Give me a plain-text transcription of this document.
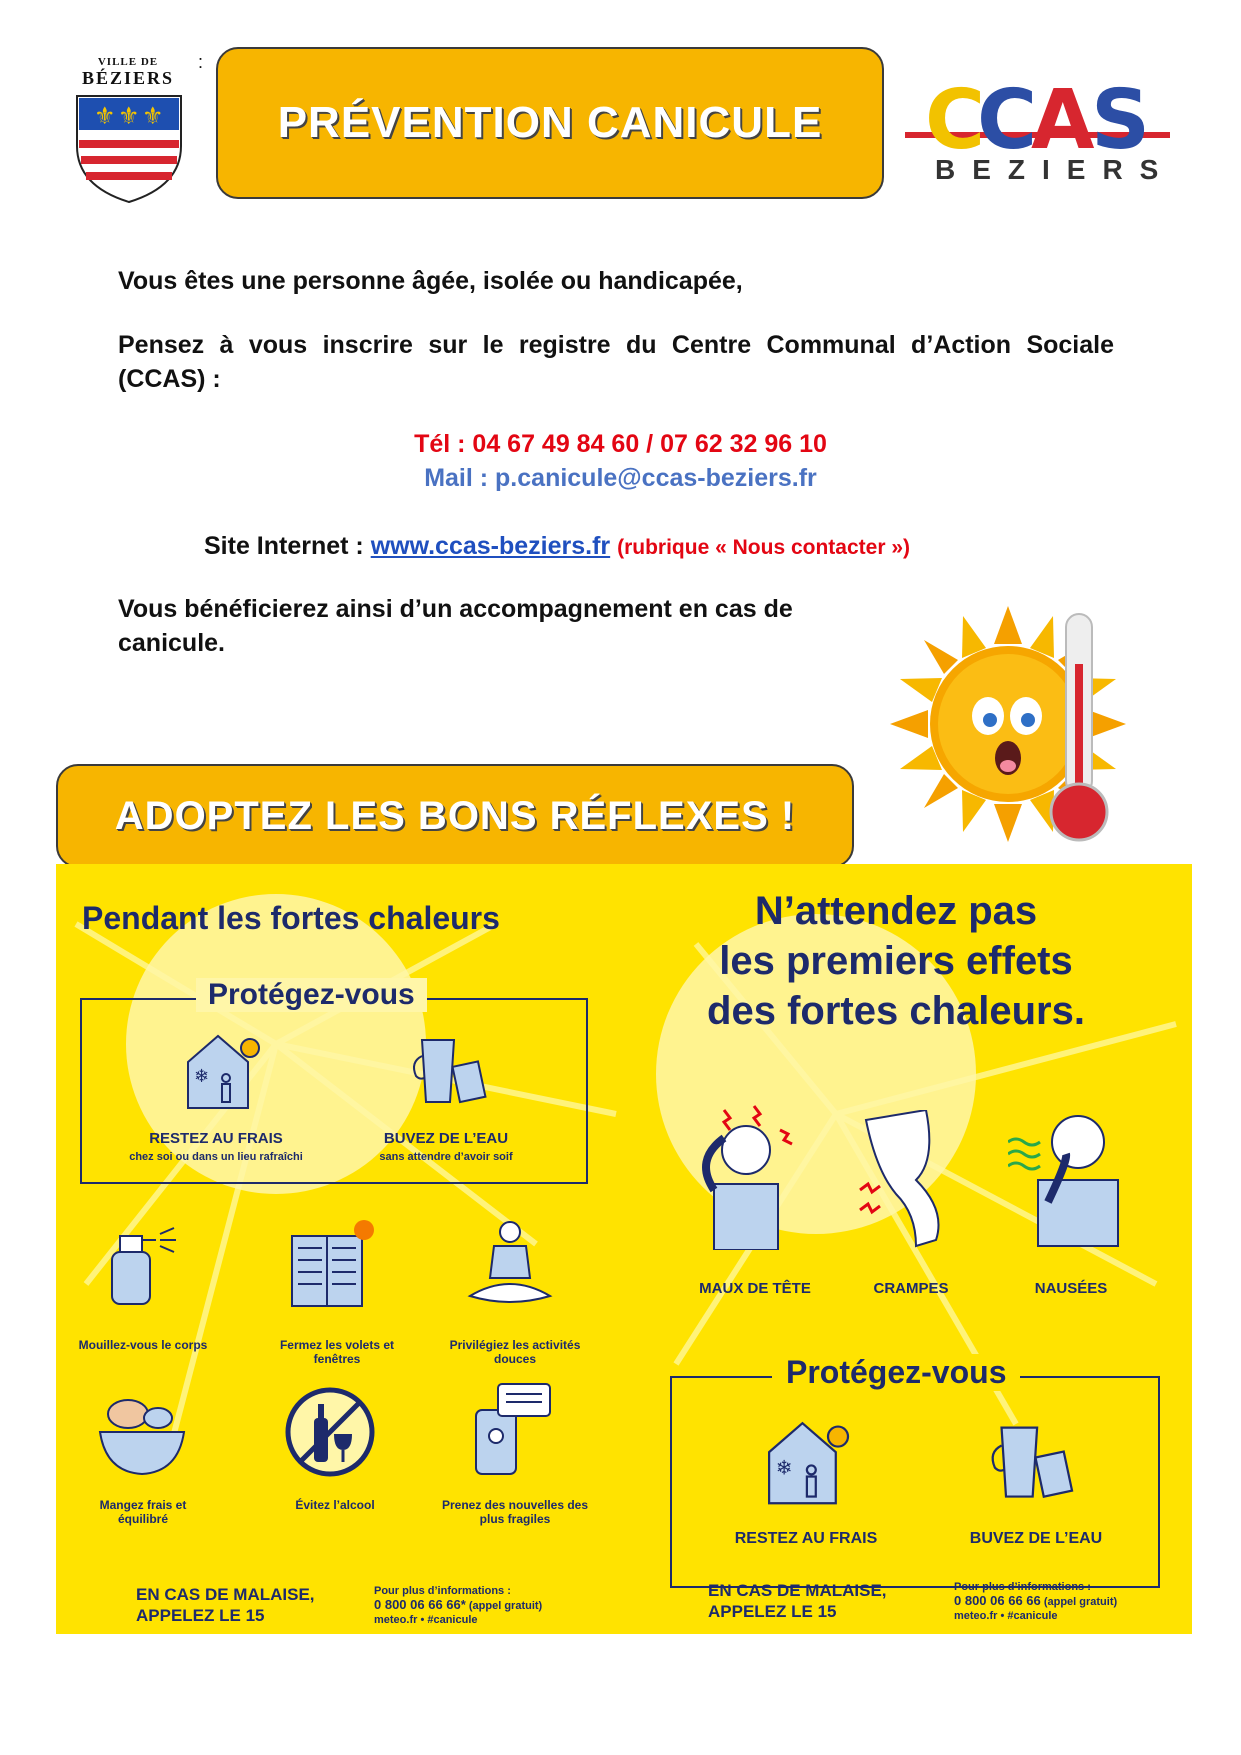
VILLE DE
BÉZIERS
⚜ ⚜ ⚜
:
PRÉVENTION CANICULE	C
C
A S
BEZIERS
Vous êtes une personne âgée, isolée ou handicapée,
Pensez à vous inscrire sur le registre du Centre Communal d’Action Sociale (CCAS) :
Tél : 04 67 49 84 60 / 07 62 32 96 10
Mail : p.canicule@ccas-beziers.fr
Site Internet : www.ccas-beziers.fr (rubrique « Nous contacter »)
Vous bénéficierez ainsi d’un accompagnement en cas de canicule.
ADOPTEZ LES BONS RÉFLEXES !
Pendant les fortes chaleurs
Protégez-vous
❄
RESTEZ AU FRAIS
chez soi ou dans un lieu rafraîchi
BUVEZ DE L’EAU
sans attendre d’avoir soif
Mouillez-vous le corps	Fermez les volets et fenêtres
Privilégiez les activités douces
Mangez frais et équilibré
Évitez l’alcool	Prenez des nouvelles des plus fragiles
EN CAS DE MALAISE, APPELEZ LE 15
Pour plus d’informations :
0 800 06 66 66* (appel gratuit)
meteo.fr • #canicule
N’attendez pas
les premiers effets
des fortes chaleurs.
MAUX DE TÊTE	CRAMPES	NAUSÉES
Protégez-vous
❄
RESTEZ AU FRAIS	BUVEZ DE L’EAU
EN CAS DE MALAISE, APPELEZ LE 15
Pour plus d’informations :
0 800 06 66 66 (appel gratuit)
meteo.fr • #canicule
